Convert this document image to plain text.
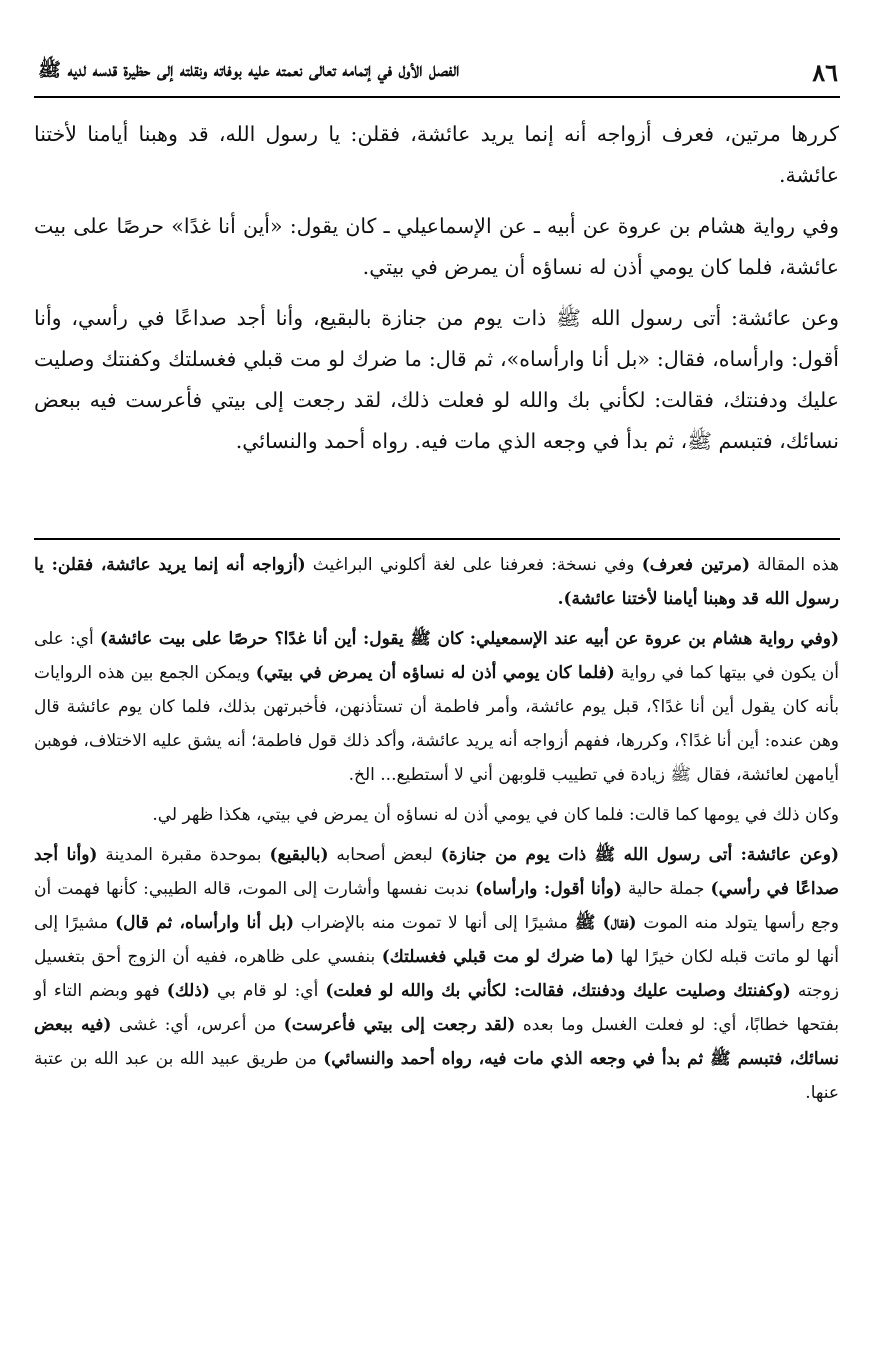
٨٦
الفصل الأول في إتمامه تعالى نعمته عليه بوفاته ونقلته إلى حظيرة قدسه لديه ﷺ

كررها مرتين، فعرف أزواجه أنه إنما يريد عائشة، فقلن: يا رسول الله، قد وهبنا أيامنا لأختنا عائشة.

وفي رواية هشام بن عروة عن أبيه ـ عن الإسماعيلي ـ كان يقول: «أين أنا غدًا» حرصًا على بيت عائشة، فلما كان يومي أذن له نساؤه أن يمرض في بيتي.

وعن عائشة: أتى رسول الله ﷺ ذات يوم من جنازة بالبقيع، وأنا أجد صداعًا في رأسي، وأنا أقول: وارأساه، فقال: «بل أنا وارأساه»، ثم قال: ما ضرك لو مت قبلي فغسلتك وكفنتك وصليت عليك ودفنتك، فقالت: لكأني بك والله لو فعلت ذلك، لقد رجعت إلى بيتي فأعرست فيه ببعض نسائك، فتبسم ﷺ، ثم بدأ في وجعه الذي مات فيه. رواه أحمد والنسائي.

هذه المقالة (مرتين فعرف) وفي نسخة: فعرفنا على لغة أكلوني البراغيث (أزواجه أنه إنما يريد عائشة، فقلن: يا رسول الله قد وهبنا أيامنا لأختنا عائشة).

(وفي رواية هشام بن عروة عن أبيه عند الإسمعيلي: كان ﷺ يقول: أين أنا غدًا؟ حرصًا على بيت عائشة) أي: على أن يكون في بيتها كما في رواية (فلما كان يومي أذن له نساؤه أن يمرض في بيتي) ويمكن الجمع بين هذه الروايات بأنه كان يقول أين أنا غدًا؟، قبل يوم عائشة، وأمر فاطمة أن تستأذنهن، فأخبرتهن بذلك، فلما كان يوم عائشة قال وهن عنده: أين أنا غدًا؟، وكررها، ففهم أزواجه أنه يريد عائشة، وأكد ذلك قول فاطمة؛ أنه يشق عليه الاختلاف، فوهبن أيامهن لعائشة، فقال ﷺ زيادة في تطييب قلوبهن أني لا أستطيع... الخ.

وكان ذلك في يومها كما قالت: فلما كان في يومي أذن له نساؤه أن يمرض في بيتي، هكذا ظهر لي.

(وعن عائشة: أتى رسول الله ﷺ ذات يوم من جنازة) لبعض أصحابه (بالبقيع) بموحدة مقبرة المدينة (وأنا أجد صداعًا في رأسي) جملة حالية (وأنا أقول: وارأساه) ندبت نفسها وأشارت إلى الموت، قاله الطيبي: كأنها فهمت أن وجع رأسها يتولد منه الموت (فقال) ﷺ مشيرًا إلى أنها لا تموت منه بالإضراب (بل أنا وارأساه، ثم قال) مشيرًا إلى أنها لو ماتت قبله لكان خيرًا لها (ما ضرك لو مت قبلي فغسلتك) بنفسي على ظاهره، ففيه أن الزوج أحق بتغسيل زوجته (وكفنتك وصليت عليك ودفنتك، فقالت: لكأني بك والله لو فعلت) أي: لو قام بي (ذلك) فهو وبضم التاء أو بفتحها خطابًا، أي: لو فعلت الغسل وما بعده (لقد رجعت إلى بيتي فأعرست) من أعرس، أي: غشى (فيه ببعض نسائك، فتبسم ﷺ ثم بدأ في وجعه الذي مات فيه، رواه أحمد والنسائي) من طريق عبيد الله بن عبد الله بن عتبة عنها.
